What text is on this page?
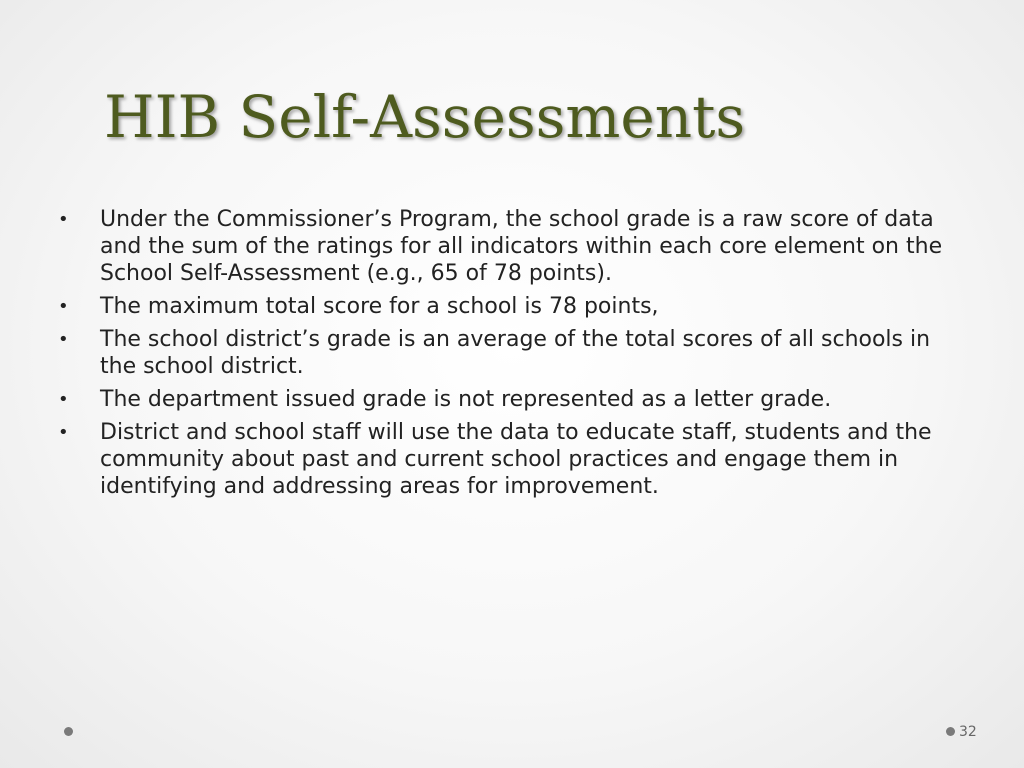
HIB Self-Assessments
•	Under the Commissioner’s Program, the school grade is a raw score of data and the sum of the ratings for all indicators within each core element on the School Self-Assessment (e.g., 65 of 78 points).
•	The maximum total score for a school is 78 points,
•	The school district’s grade is an average of the total scores of all schools in the school district.
•	The department issued grade is not represented as a letter grade.
•	District and school staff will use the data to educate staff, students and the community about past and current school practices and engage them in identifying and addressing areas for improvement.
32
